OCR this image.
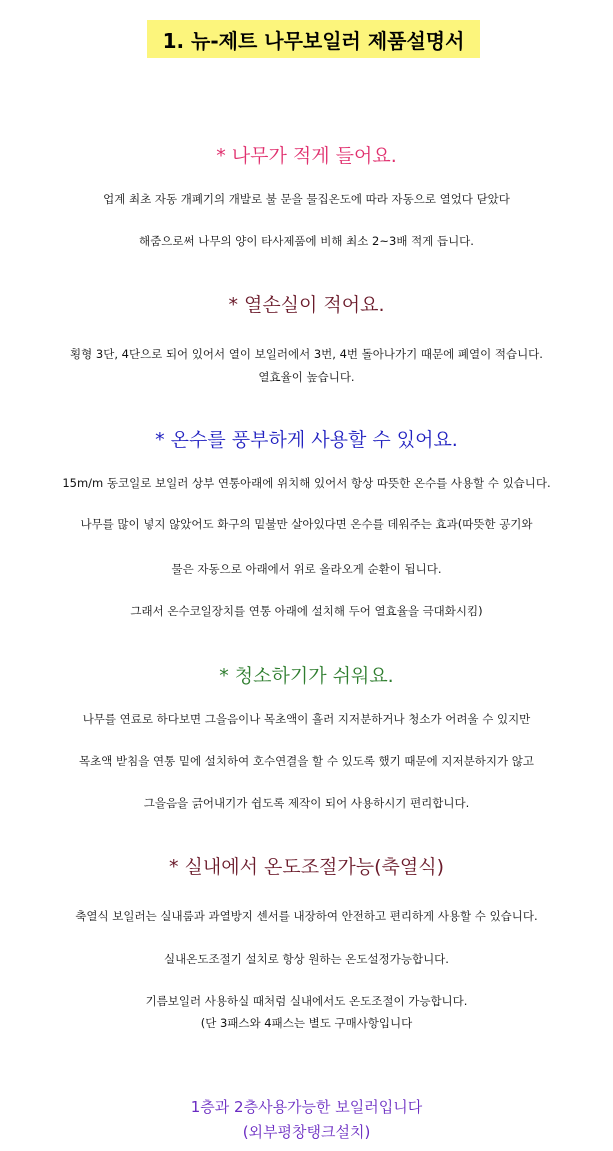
1. 뉴-제트 나무보일러 제품설명서
* 나무가 적게 들어요.
업계 최초 자동 개폐기의 개발로 불 문을 물집온도에 따라 자동으로 열었다 닫았다
해줌으로써 나무의 양이 타사제품에 비해 최소 2~3배 적게 듭니다.
* 열손실이 적어요.
횡형 3단, 4단으로 되어 있어서 열이 보일러에서 3번, 4번 돌아나가기 때문에 폐열이 적습니다.
열효율이 높습니다.
* 온수를 풍부하게 사용할 수 있어요.
15m/m 동코일로 보일러 상부 연통아래에 위치해 있어서 항상 따뜻한 온수를 사용할 수 있습니다.
나무를 많이 넣지 않았어도 화구의 밑불만 살아있다면 온수를 데워주는 효과(따뜻한 공기와
물은 자동으로 아래에서 위로 올라오게 순환이 됩니다.
그래서 온수코일장치를 연통 아래에 설치해 두어 열효율을 극대화시킴)
* 청소하기가 쉬워요.
나무를 연료로 하다보면 그을음이나 목초액이 흘러 지저분하거나 청소가 어려울 수 있지만
목초액 받침을 연통 밑에 설치하여 호수연결을 할 수 있도록 했기 때문에 지저분하지가 않고
그을음을 긁어내기가 쉽도록 제작이 되어 사용하시기 편리합니다.
* 실내에서 온도조절가능(축열식)
축열식 보일러는 실내룸과 과열방지 센서를 내장하여 안전하고 편리하게 사용할 수 있습니다.
실내온도조절기 설치로 항상 원하는 온도설정가능합니다.
기름보일러 사용하실 때처럼 실내에서도 온도조절이 가능합니다.
(단 3패스와 4패스는 별도 구매사항입니다
1층과 2층사용가능한 보일러입니다
(외부평창탱크설치)
